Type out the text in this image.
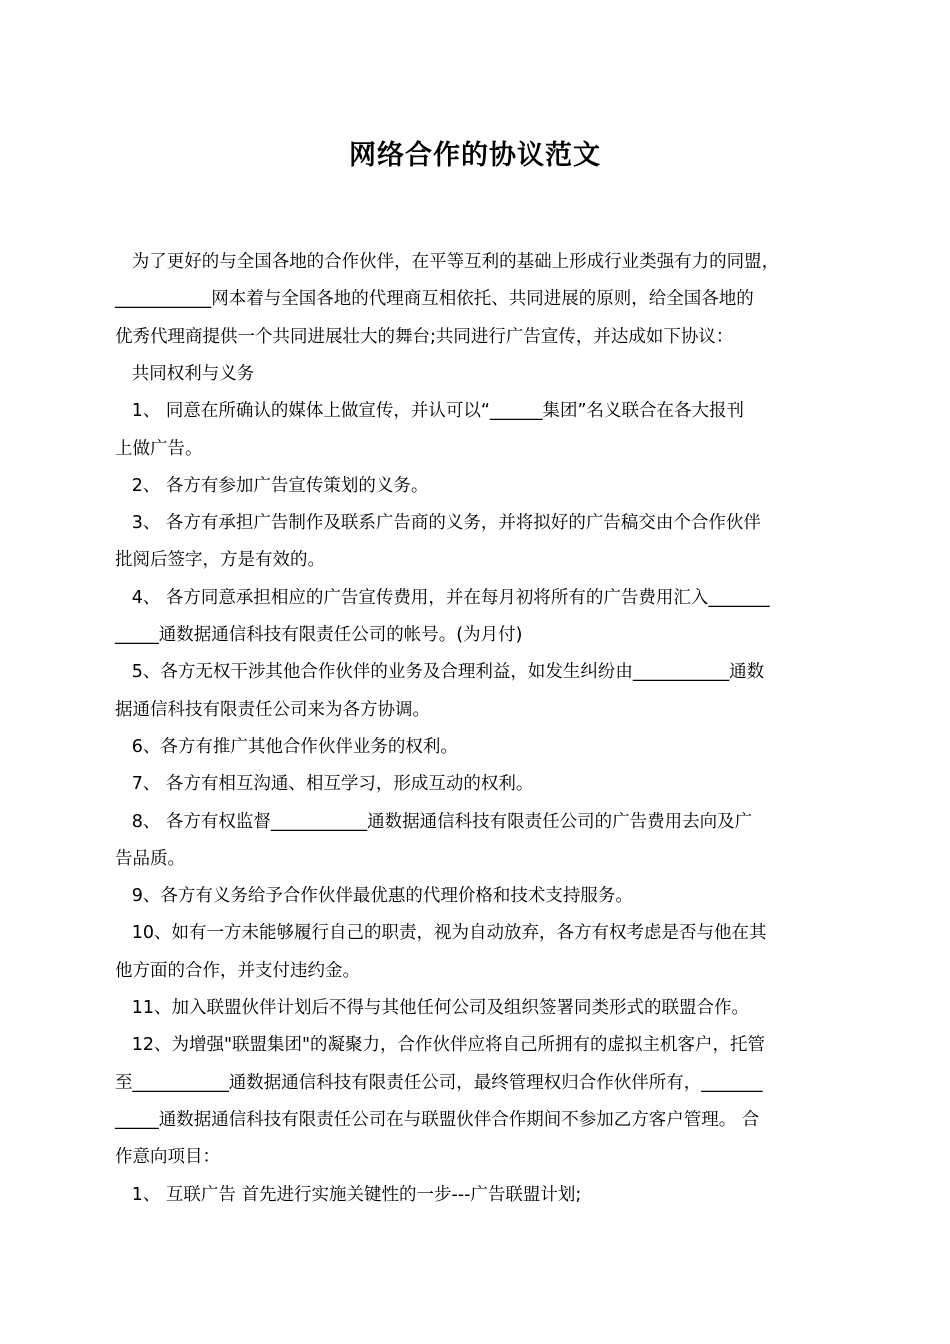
网络合作的协议范文
为了更好的与全国各地的合作伙伴，在平等互利的基础上形成行业类强有力的同盟，
___________网本着与全国各地的代理商互相依托、共同进展的原则，给全国各地的
优秀代理商提供一个共同进展壮大的舞台;共同进行广告宣传，并达成如下协议：
共同权利与义务
1、 同意在所确认的媒体上做宣传，并认可以“______集团”名义联合在各大报刊
上做广告。
2、 各方有参加广告宣传策划的义务。
3、 各方有承担广告制作及联系广告商的义务，并将拟好的广告稿交由个合作伙伴
批阅后签字，方是有效的。
4、 各方同意承担相应的广告宣传费用，并在每月初将所有的广告费用汇入_______
_____通数据通信科技有限责任公司的帐号。(为月付)
5、各方无权干涉其他合作伙伴的业务及合理利益，如发生纠纷由___________通数
据通信科技有限责任公司来为各方协调。
6、各方有推广其他合作伙伴业务的权利。
7、 各方有相互沟通、相互学习，形成互动的权利。
8、 各方有权监督___________通数据通信科技有限责任公司的广告费用去向及广
告品质。
9、各方有义务给予合作伙伴最优惠的代理价格和技术支持服务。
10、如有一方未能够履行自己的职责，视为自动放弃，各方有权考虑是否与他在其
他方面的合作，并支付违约金。
11、加入联盟伙伴计划后不得与其他任何公司及组织签署同类形式的联盟合作。
12、为增强"联盟集团"的凝聚力，合作伙伴应将自己所拥有的虚拟主机客户，托管
至___________通数据通信科技有限责任公司，最终管理权归合作伙伴所有，_______
_____通数据通信科技有限责任公司在与联盟伙伴合作期间不参加乙方客户管理。 合
作意向项目：
1、 互联广告 首先进行实施关键性的一步---广告联盟计划;
